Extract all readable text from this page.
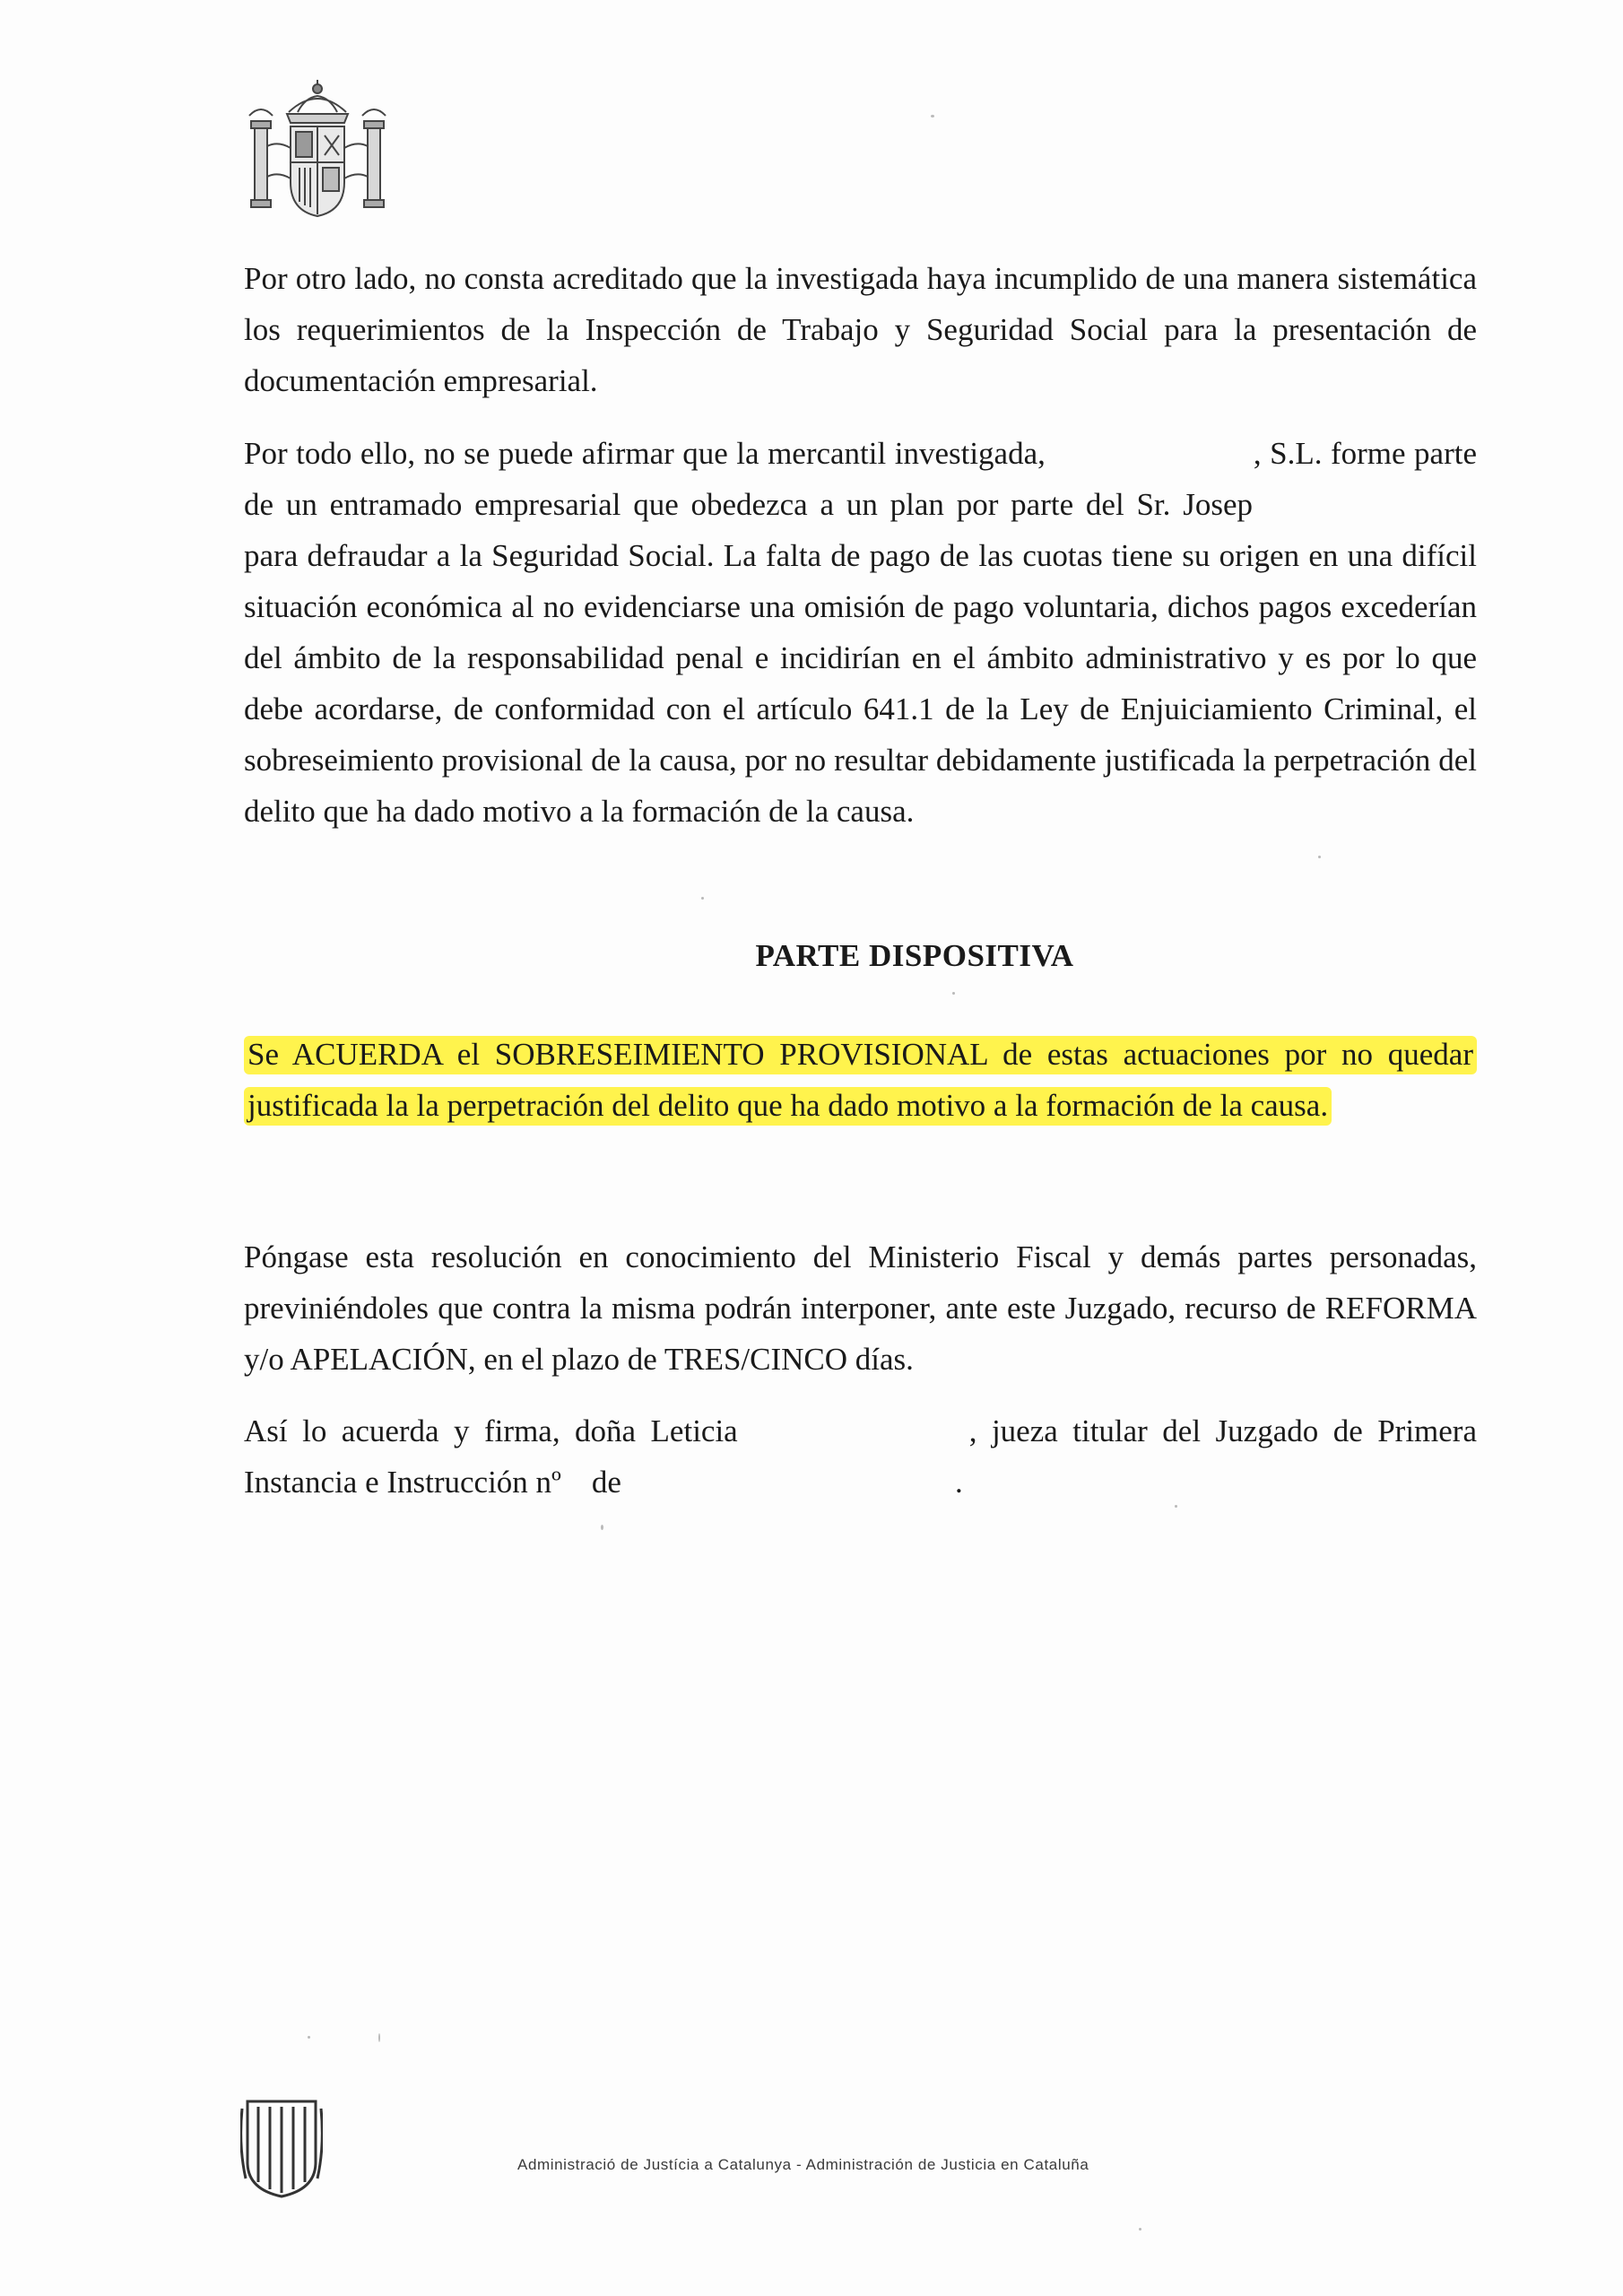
Por otro lado, no consta acreditado que la investigada haya incumplido de una manera sistemática los requerimientos de la Inspección de Trabajo y Seguridad Social para la presentación de documentación empresarial.

Por todo ello, no se puede afirmar que la mercantil investigada,	, S.L. forme parte de un entramado empresarial que obedezca a un plan por parte del Sr. Josep para defraudar a la Seguridad Social. La falta de pago de las cuotas tiene su origen en una difícil situación económica al no evidenciarse una omisión de pago voluntaria, dichos pagos excederían del ámbito de la responsabilidad penal e incidirían en el ámbito administrativo y es por lo que debe acordarse, de conformidad con el artículo 641.1 de la Ley de Enjuiciamiento Criminal, el sobreseimiento provisional de la causa, por no resultar debidamente justificada la perpetración del delito que ha dado motivo a la formación de la causa.

PARTE DISPOSITIVA

Se ACUERDA el SOBRESEIMIENTO PROVISIONAL de estas actuaciones por no quedar justificada la la perpetración del delito que ha dado motivo a la formación de la causa.

Póngase esta resolución en conocimiento del Ministerio Fiscal y demás partes personadas, previniéndoles que contra la misma podrán interponer, ante este Juzgado, recurso de REFORMA y/o APELACIÓN, en el plazo de TRES/CINCO días.

Así lo acuerda y firma, doña Leticia	, jueza titular del Juzgado de Primera Instancia e Instrucción nº de	.

Administració de Justícia a Catalunya - Administración de Justicia en Cataluña
